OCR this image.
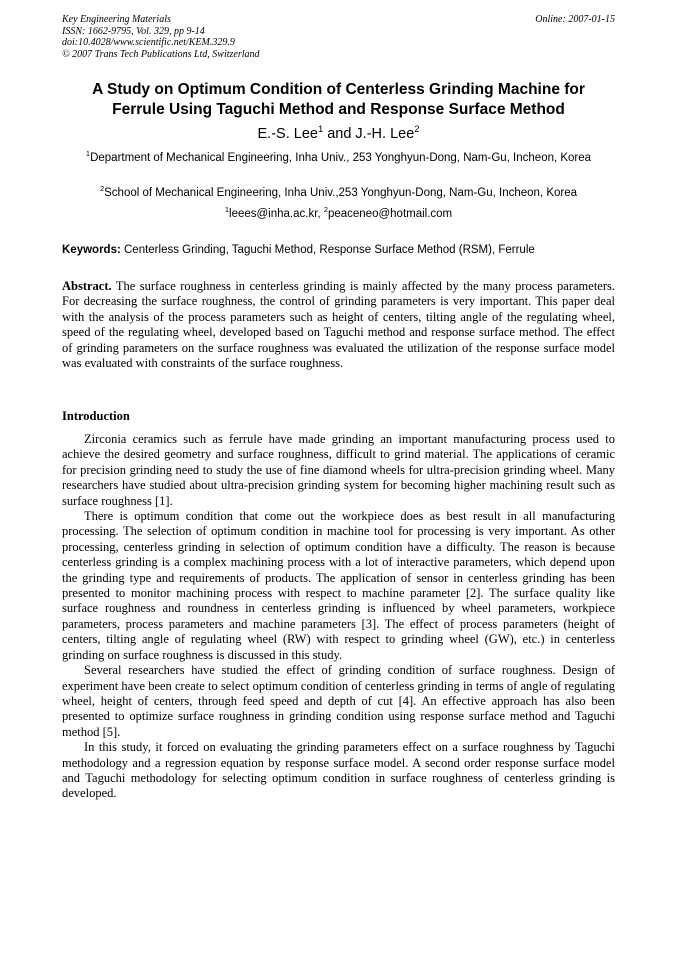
Key Engineering Materials
ISSN: 1662-9795, Vol. 329, pp 9-14
doi:10.4028/www.scientific.net/KEM.329.9
© 2007 Trans Tech Publications Ltd, Switzerland
Online: 2007-01-15
A Study on Optimum Condition of Centerless Grinding Machine for
Ferrule Using Taguchi Method and Response Surface Method
E.-S. Lee$^1$ and J.-H. Lee$^2$
$^1$Department of Mechanical Engineering, Inha Univ., 253 Yonghyun-Dong, Nam-Gu, Incheon, Korea
$^2$School of Mechanical Engineering, Inha Univ.,253 Yonghyun-Dong, Nam-Gu, Incheon, Korea
$^1$leees@inha.ac.kr, $^2$peaceneo@hotmail.com
Keywords: Centerless Grinding, Taguchi Method, Response Surface Method (RSM), Ferrule
Abstract. The surface roughness in centerless grinding is mainly affected by the many process parameters. For decreasing the surface roughness, the control of grinding parameters is very important. This paper deal with the analysis of the process parameters such as height of centers, tilting angle of the regulating wheel, speed of the regulating wheel, developed based on Taguchi method and response surface method. The effect of grinding parameters on the surface roughness was evaluated the utilization of the response surface model was evaluated with constraints of the surface roughness.
Introduction

Zirconia ceramics such as ferrule have made grinding an important manufacturing process used to achieve the desired geometry and surface roughness, difficult to grind material. The applications of ceramic for precision grinding need to study the use of fine diamond wheels for ultra-precision grinding wheel. Many researchers have studied about ultra-precision grinding system for becoming higher machining result such as surface roughness [1].

There is optimum condition that come out the workpiece does as best result in all manufacturing processing. The selection of optimum condition in machine tool for processing is very important. As other processing, centerless grinding in selection of optimum condition have a difficulty. The reason is because centerless grinding is a complex machining process with a lot of interactive parameters, which depend upon the grinding type and requirements of products. The application of sensor in centerless grinding has been presented to monitor machining process with respect to machine parameter [2]. The surface quality like surface roughness and roundness in centerless grinding is influenced by wheel parameters, workpiece parameters, process parameters and machine parameters [3]. The effect of process parameters (height of centers, tilting angle of regulating wheel (RW) with respect to grinding wheel (GW), etc.) in centerless grinding on surface roughness is discussed in this study.

Several researchers have studied the effect of grinding condition of surface roughness. Design of experiment have been create to select optimum condition of centerless grinding in terms of angle of regulating wheel, height of centers, through feed speed and depth of cut [4]. An effective approach has also been presented to optimize surface roughness in grinding condition using response surface method and Taguchi method [5].

In this study, it forced on evaluating the grinding parameters effect on a surface roughness by Taguchi methodology and a regression equation by response surface model. A second order response surface model and Taguchi methodology for selecting optimum condition in surface roughness of centerless grinding is developed.
